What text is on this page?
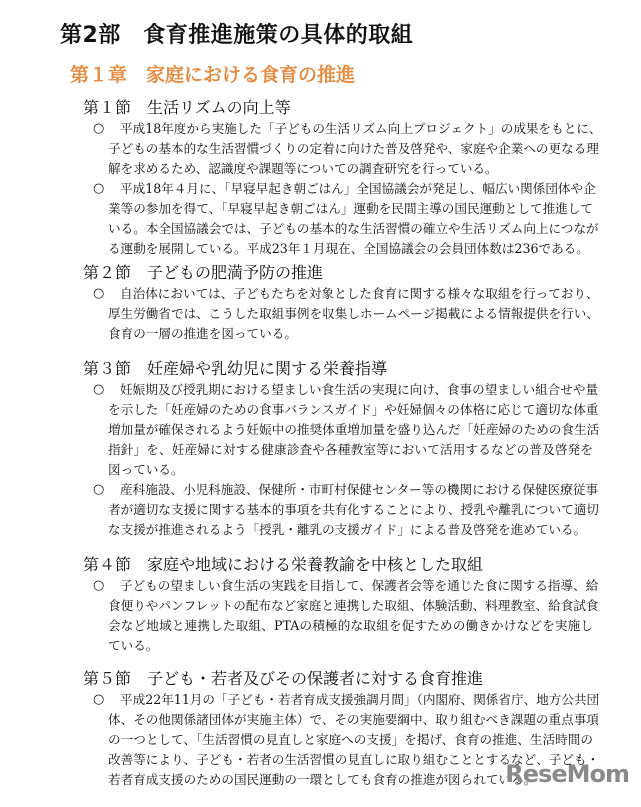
第2部　食育推進施策の具体的取組
第１章　家庭における食育の推進
第１節　生活リズムの向上等
○	平成18年度から実施した「子どもの生活リズム向上プロジェクト」の成果をもとに、
子どもの基本的な生活習慣づくりの定着に向けた普及啓発や、家庭や企業への更なる理
解を求めるため、認識度や課題等についての調査研究を行っている。
○	平成18年４月に、「早寝早起き朝ごはん」全国協議会が発足し、幅広い関係団体や企
業等の参加を得て、「早寝早起き朝ごはん」運動を民間主導の国民運動として推進して
いる。本全国協議会では、子どもの基本的な生活習慣の確立や生活リズム向上につなが
る運動を展開している。平成23年１月現在、全国協議会の会員団体数は236である。
第２節　子どもの肥満予防の推進
○	自治体においては、子どもたちを対象とした食育に関する様々な取組を行っており、
厚生労働省では、こうした取組事例を収集しホームページ掲載による情報提供を行い、
食育の一層の推進を図っている。
第３節　妊産婦や乳幼児に関する栄養指導
○	妊娠期及び授乳期における望ましい食生活の実現に向け、食事の望ましい組合せや量
を示した「妊産婦のための食事バランスガイド」や妊婦個々の体格に応じて適切な体重
増加量が確保されるよう妊娠中の推奨体重増加量を盛り込んだ「妊産婦のための食生活
指針」を、妊産婦に対する健康診査や各種教室等において活用するなどの普及啓発を
図っている。
○	産科施設、小児科施設、保健所・市町村保健センター等の機関における保健医療従事
者が適切な支援に関する基本的事項を共有化することにより、授乳や離乳について適切
な支援が推進されるよう「授乳・離乳の支援ガイド」による普及啓発を進めている。
第４節　家庭や地域における栄養教諭を中核とした取組
○	子どもの望ましい食生活の実践を目指して、保護者会等を通じた食に関する指導、給
食便りやパンフレットの配布など家庭と連携した取組、体験活動、料理教室、給食試食
会など地域と連携した取組、PTAの積極的な取組を促すための働きかけなどを実施し
ている。
第５節　子ども・若者及びその保護者に対する食育推進
○	平成22年11月の「子ども・若者育成支援強調月間」（内閣府、関係省庁、地方公共団
体、その他関係諸団体が実施主体）で、その実施要綱中、取り組むべき課題の重点事項
の一つとして、「生活習慣の見直しと家庭への支援」を掲げ、食育の推進、生活時間の
改善等により、子ども・若者の生活習慣の見直しに取り組むこととするなど、子ども・
若者育成支援のための国民運動の一環としても食育の推進が図られている。
ReseMom
